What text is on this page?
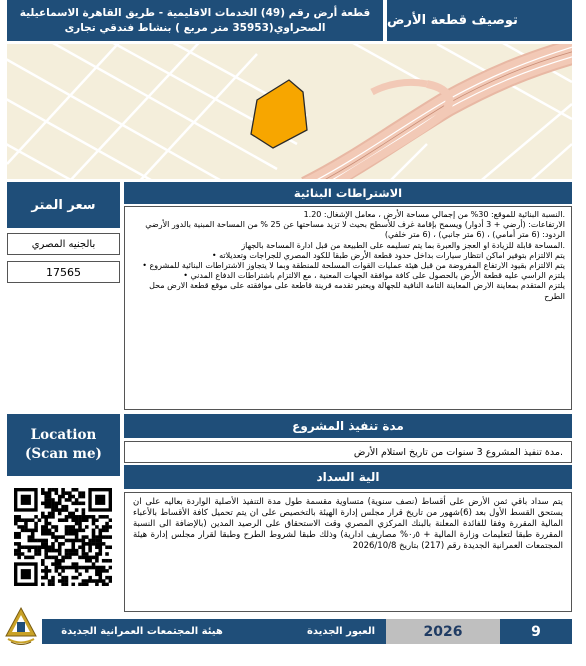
توصيف قطعة الأرض
قطعة أرض رقم (49) الخدمات الاقليمية - طريق القاهرة الاسماعيلية
الصحراوي(35953 متر مربع ) بنشاط فندقي تجارى
سعر المتر
بالجنيه المصري
17565
الاشتراطات البنائية

.النسبة البنائية للموقع: 30% من إجمالي مساحة الأرض ، معامل الإشغال: 1.20

الارتفاعات: (أرضي + 3 أدوار) ويسمح بإقامة غرف للأسطح بحيث لا تزيد مساحتها عن 25 % من المساحة المبنية بالدور الأرضي

الردود: (6 متر أمامي) ، (6 متر جانبي) ، (6 متر خلفي)

.المساحة قابلة للزيادة او العجز والعبرة بما يتم تسليمه على الطبيعة من قبل ادارة المساحة بالجهاز

يتم الالتزام بتوفير اماكن انتظار سيارات بداخل حدود قطعة الأرض طبقا للكود المصري للجراجات وتعديلاته •

يتم الالتزام بقيود الارتفاع المفروضة من قبل هيئة عمليات القوات المسلحة للمنطقة وبما لا يتجاوز الاشتراطات البنائية للمشروع •

يلتزم الراسي عليه قطعة الأرض بالحصول على كافة موافقة الجهات المعنية ، مع الالتزام باشتراطات الدفاع المدني •

يلتزم المتقدم بمعاينة الارض المعاينة التامة النافية للجهالة ويعتبر تقدمه قرينة قاطعة على موافقته على موقع قطعة الارض محل الطرح

Location
(Scan me)
مدة تنفيذ المشروع
.مدة تنفيذ المشروع 3 سنوات من تاريخ استلام الأرض
الية السداد
يتم سداد باقي ثمن الأرض على أقساط (نصف سنوية) متساوية مقسمة طول مدة التنفيذ الأصلية الواردة بعاليه على ان يستحق القسط الأول بعد (6)شهور من تاريخ قرار مجلس إدارة الهيئة بالتخصيص على ان يتم تحميل كافة الأقساط بالأعباء المالية المقررة وفقا للفائدة المعلنة بالبنك المركزي المصري وقت الاستحقاق على الرصيد المدين (بالإضافة الى النسبة المقررة طبقا لتعليمات وزارة المالية + ٠٫٥% مصاريف ادارية) وذلك طبقا لشروط الطرح وطبقا لقرار مجلس إدارة هيئة المجتمعات العمرانية الجديدة رقم (217) بتاريخ 2026/10/8
9
2026
العبور الجديدة
هيئة المجتمعات العمرانية الجديدة
